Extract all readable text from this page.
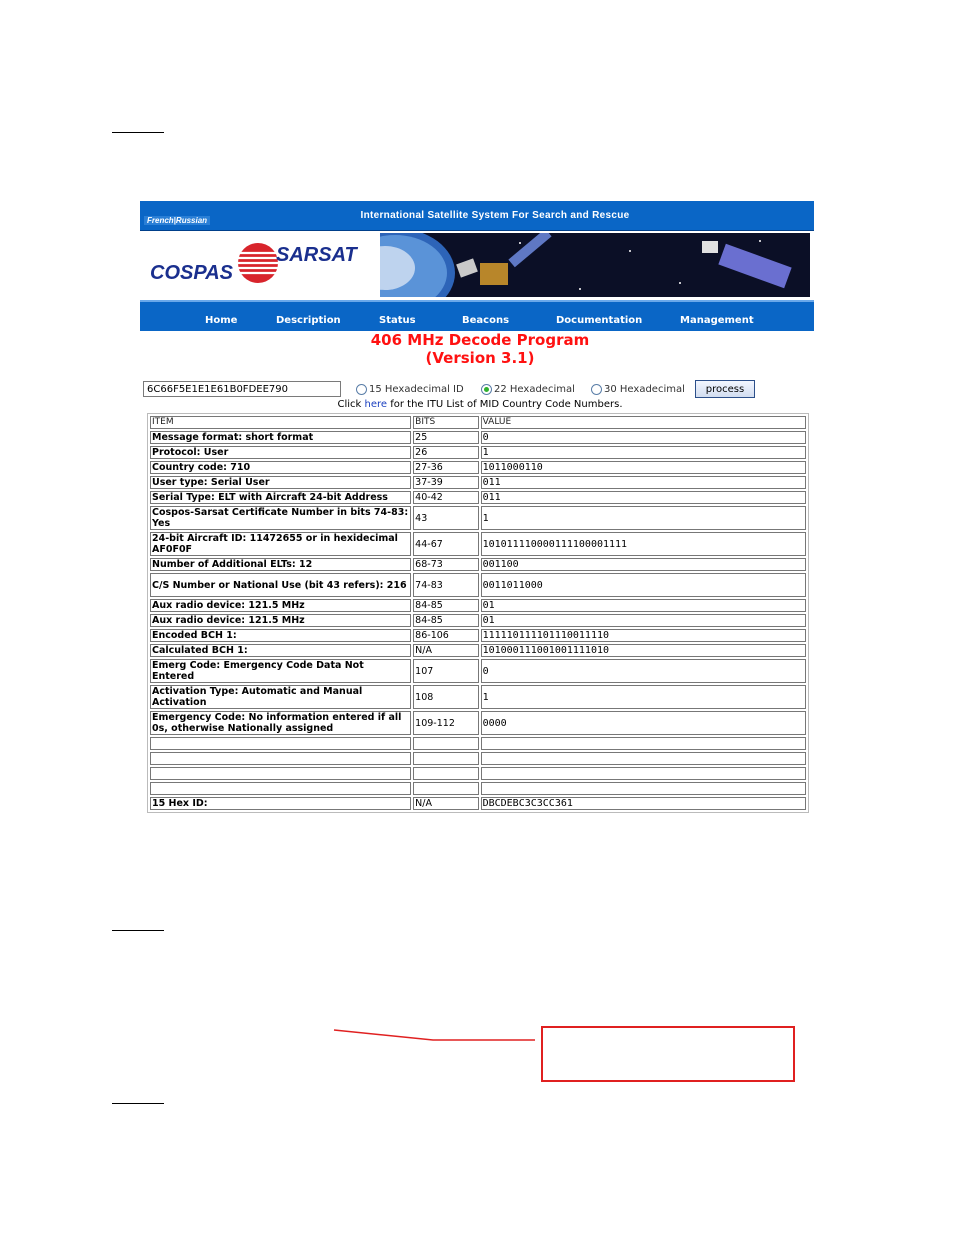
French|Russian	International Satellite System For Search and Rescue
COSPAS
SARSAT
Home	Description	Status	Beacons	Documentation	Management
406 MHz Decode Program
(Version 3.1)
6C66F5E1E1E61B0FDEE790
15 Hexadecimal ID	22 Hexadecimal	30 Hexadecimal	process
Click here for the ITU List of MID Country Code Numbers.
ITEM	BITS	VALUE
Message format: short format	25	0
Protocol: User	26	1
Country code: 710	27-36	1011000110
User type: Serial User	37-39	011
Serial Type: ELT with Aircraft 24-bit Address	40-42	011
Cospos-Sarsat Certificate Number in bits 74-83: Yes	43	1
24-bit Aircraft ID: 11472655 or in hexidecimal AF0F0F	44-67	101011110000111100001111
Number of Additional ELTs: 12	68-73	001100
C/S Number or National Use (bit 43 refers): 216	74-83	0011011000
Aux radio device: 121.5 MHz	84-85	01
Aux radio device: 121.5 MHz	84-85	01
Encoded BCH 1:	86-106	111110111101110011110
Calculated BCH 1:	N/A	101000111001001111010
Emerg Code: Emergency Code Data Not Entered	107	0
Activation Type: Automatic and Manual Activation	108	1
Emergency Code: No information entered if all 0s, otherwise Nationally assigned	109-112	0000

15 Hex ID:	N/A	DBCDEBC3C3CC361
